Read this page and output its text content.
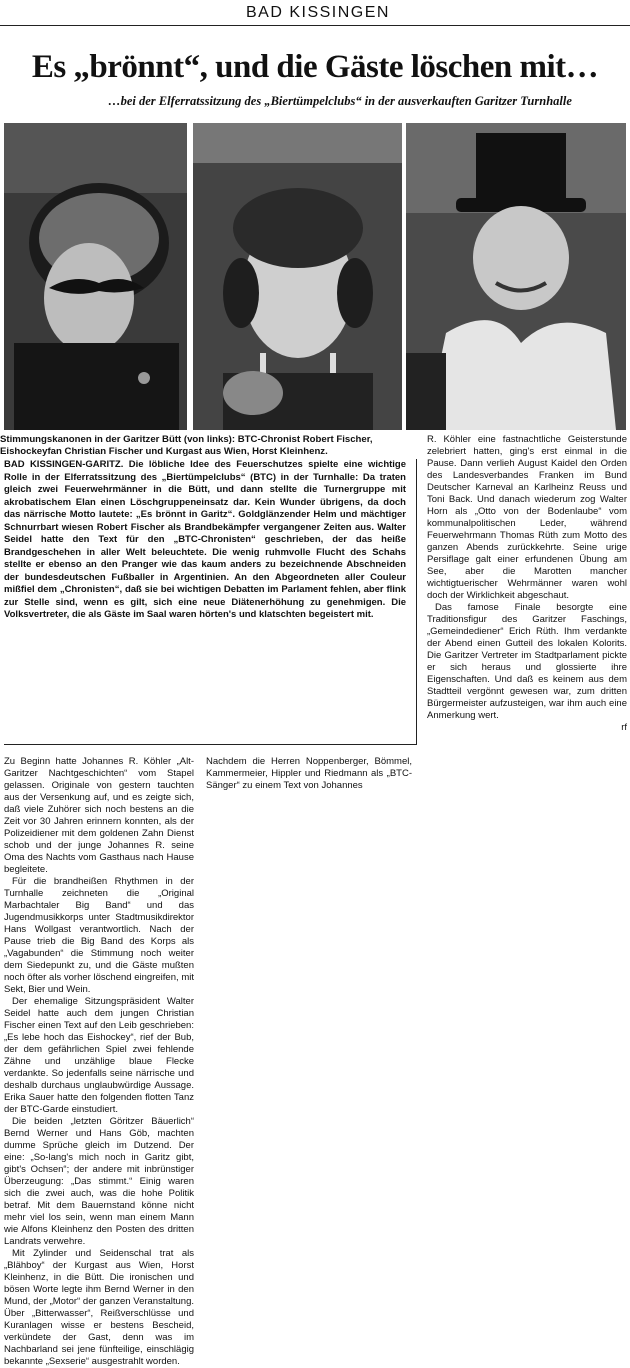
BAD KISSINGEN
Es „brönnt“, und die Gäste löschen mit…
…bei der Elferratssitzung des „Biertümpelclubs“ in der ausverkauften Garitzer Turnhalle
Stimmungskanonen in der Garitzer Bütt (von links): BTC-Chronist Robert Fischer, Eishockeyfan Christian Fischer und Kurgast aus Wien, Horst Kleinhenz.
BAD KISSINGEN-GARITZ. Die löbliche Idee des Feuerschutzes spielte eine wichtige Rolle in der Elferratssitzung des „Biertümpelclubs“ (BTC) in der Turnhalle: Da traten gleich zwei Feuerwehrmänner in die Bütt, und dann stellte die Turnergruppe mit akrobatischem Elan einen Löschgruppeneinsatz dar. Kein Wunder übrigens, da doch das närrische Motto lautete: „Es brönnt in Garitz“. Goldglänzender Helm und mächtiger Schnurrbart wiesen Robert Fischer als Brandbekämpfer vergangener Zeiten aus. Walter Seidel hatte den Text für den „BTC-Chronisten“ geschrieben, der das heiße Brandgeschehen in aller Welt beleuchtete. Die wenig ruhmvolle Flucht des Schahs stellte er ebenso an den Pranger wie das kaum anders zu bezeichnende Abschneiden der bundesdeutschen Fußballer in Argentinien. An den Abgeordneten aller Couleur mißfiel dem „Chronisten“, daß sie bei wichtigen Debatten im Parlament fehlen, aber flink zur Stelle sind, wenn es gilt, sich eine neue Diätenerhöhung zu genehmigen. Die Volksvertreter, die als Gäste im Saal waren hörten's und klatschten begeistert mit.

Zu Beginn hatte Johannes R. Köhler „Alt-Garitzer Nachtgeschichten“ vom Stapel gelassen. Originale von gestern tauchten aus der Versenkung auf, und es zeigte sich, daß viele Zuhörer sich noch bestens an die Zeit vor 30 Jahren erinnern konnten, als der Polizeidiener mit dem goldenen Zahn Dienst schob und der junge Johannes R. seine Oma des Nachts vom Gasthaus nach Hause begleitete.

Für die brandheißen Rhythmen in der Turnhalle zeichneten die „Original Marbachtaler Big Band“ und das Jugendmusikkorps unter Stadtmusikdirektor Hans Wollgast verantwortlich. Nach der Pause trieb die Big Band des Korps als „Vagabunden“ die Stimmung noch weiter dem Siedepunkt zu, und die Gäste mußten noch öfter als vorher löschend eingreifen, mit Sekt, Bier und Wein.

Der ehemalige Sitzungspräsident Walter Seidel hatte auch dem jungen Christian Fischer einen Text auf den Leib geschrieben: „Es lebe hoch das Eishockey“, rief der Bub, der dem gefährlichen Spiel zwei fehlende Zähne und unzählige blaue Flecke verdankte. So jedenfalls seine närrische und deshalb durchaus unglaubwürdige Aussage. Erika Sauer hatte den folgenden flotten Tanz der BTC-Garde einstudiert.

Die beiden „letzten Göritzer Bäuerlich“ Bernd Werner und Hans Göb, machten dumme Sprüche gleich im Dutzend. Der eine: „So-lang's mich noch in Garitz gibt, gibt's Ochsen“; der andere mit inbrünstiger Überzeugung: „Das stimmt.“ Einig waren sich die zwei auch, was die hohe Politik betraf. Mit dem Bauernstand könne nicht mehr viel los sein, wenn man einem Mann wie Alfons Kleinhenz den Posten des dritten Landrats verwehre.

Mit Zylinder und Seidenschal trat als „Blähboy“ der Kurgast aus Wien, Horst Kleinhenz, in die Bütt. Die ironischen und bösen Worte legte ihm Bernd Werner in den Mund, der „Motor“ der ganzen Veranstaltung. Über „Bitterwasser“, Reißverschlüsse und Kuranlagen wisse er bestens Bescheid, verkündete der Gast, denn was im Nachbarland sei jene fünfteilige, einschlägig bekannte „Sexserie“ ausgestrahlt worden.

Nachdem die Herren Noppenberger, Bömmel, Kammermeier, Hippler und Riedmann als „BTC-Sänger“ zu einem Text von Johannes

R. Köhler eine fastnachtliche Geisterstunde zelebriert hatten, ging's erst einmal in die Pause. Dann verlieh August Kaidel den Orden des Landesverbandes Franken im Bund Deutscher Karneval an Karlheinz Reuss und Toni Back. Und danach wiederum zog Walter Horn als „Otto von der Bodenlaube“ vom kommunalpolitischen Leder, während Feuerwehrmann Thomas Rüth zum Motto des ganzen Abends zurückkehrte. Seine urige Persiflage galt einer erfundenen Übung am See, aber die Marotten mancher wichtigtuerischer Wehrmänner waren wohl doch der Wirklichkeit abgeschaut.

Das famose Finale besorgte eine Traditionsfigur des Garitzer Faschings, „Gemeindediener“ Erich Rüth. Ihm verdankte der Abend einen Gutteil des lokalen Kolorits. Die Garitzer Vertreter im Stadtparlament pickte er sich heraus und glossierte ihre Eigenschaften. Und daß es keinem aus dem Stadtteil vergönnt gewesen war, zum dritten Bürgermeister aufzusteigen, war ihm auch eine Anmerkung wert.

rf
